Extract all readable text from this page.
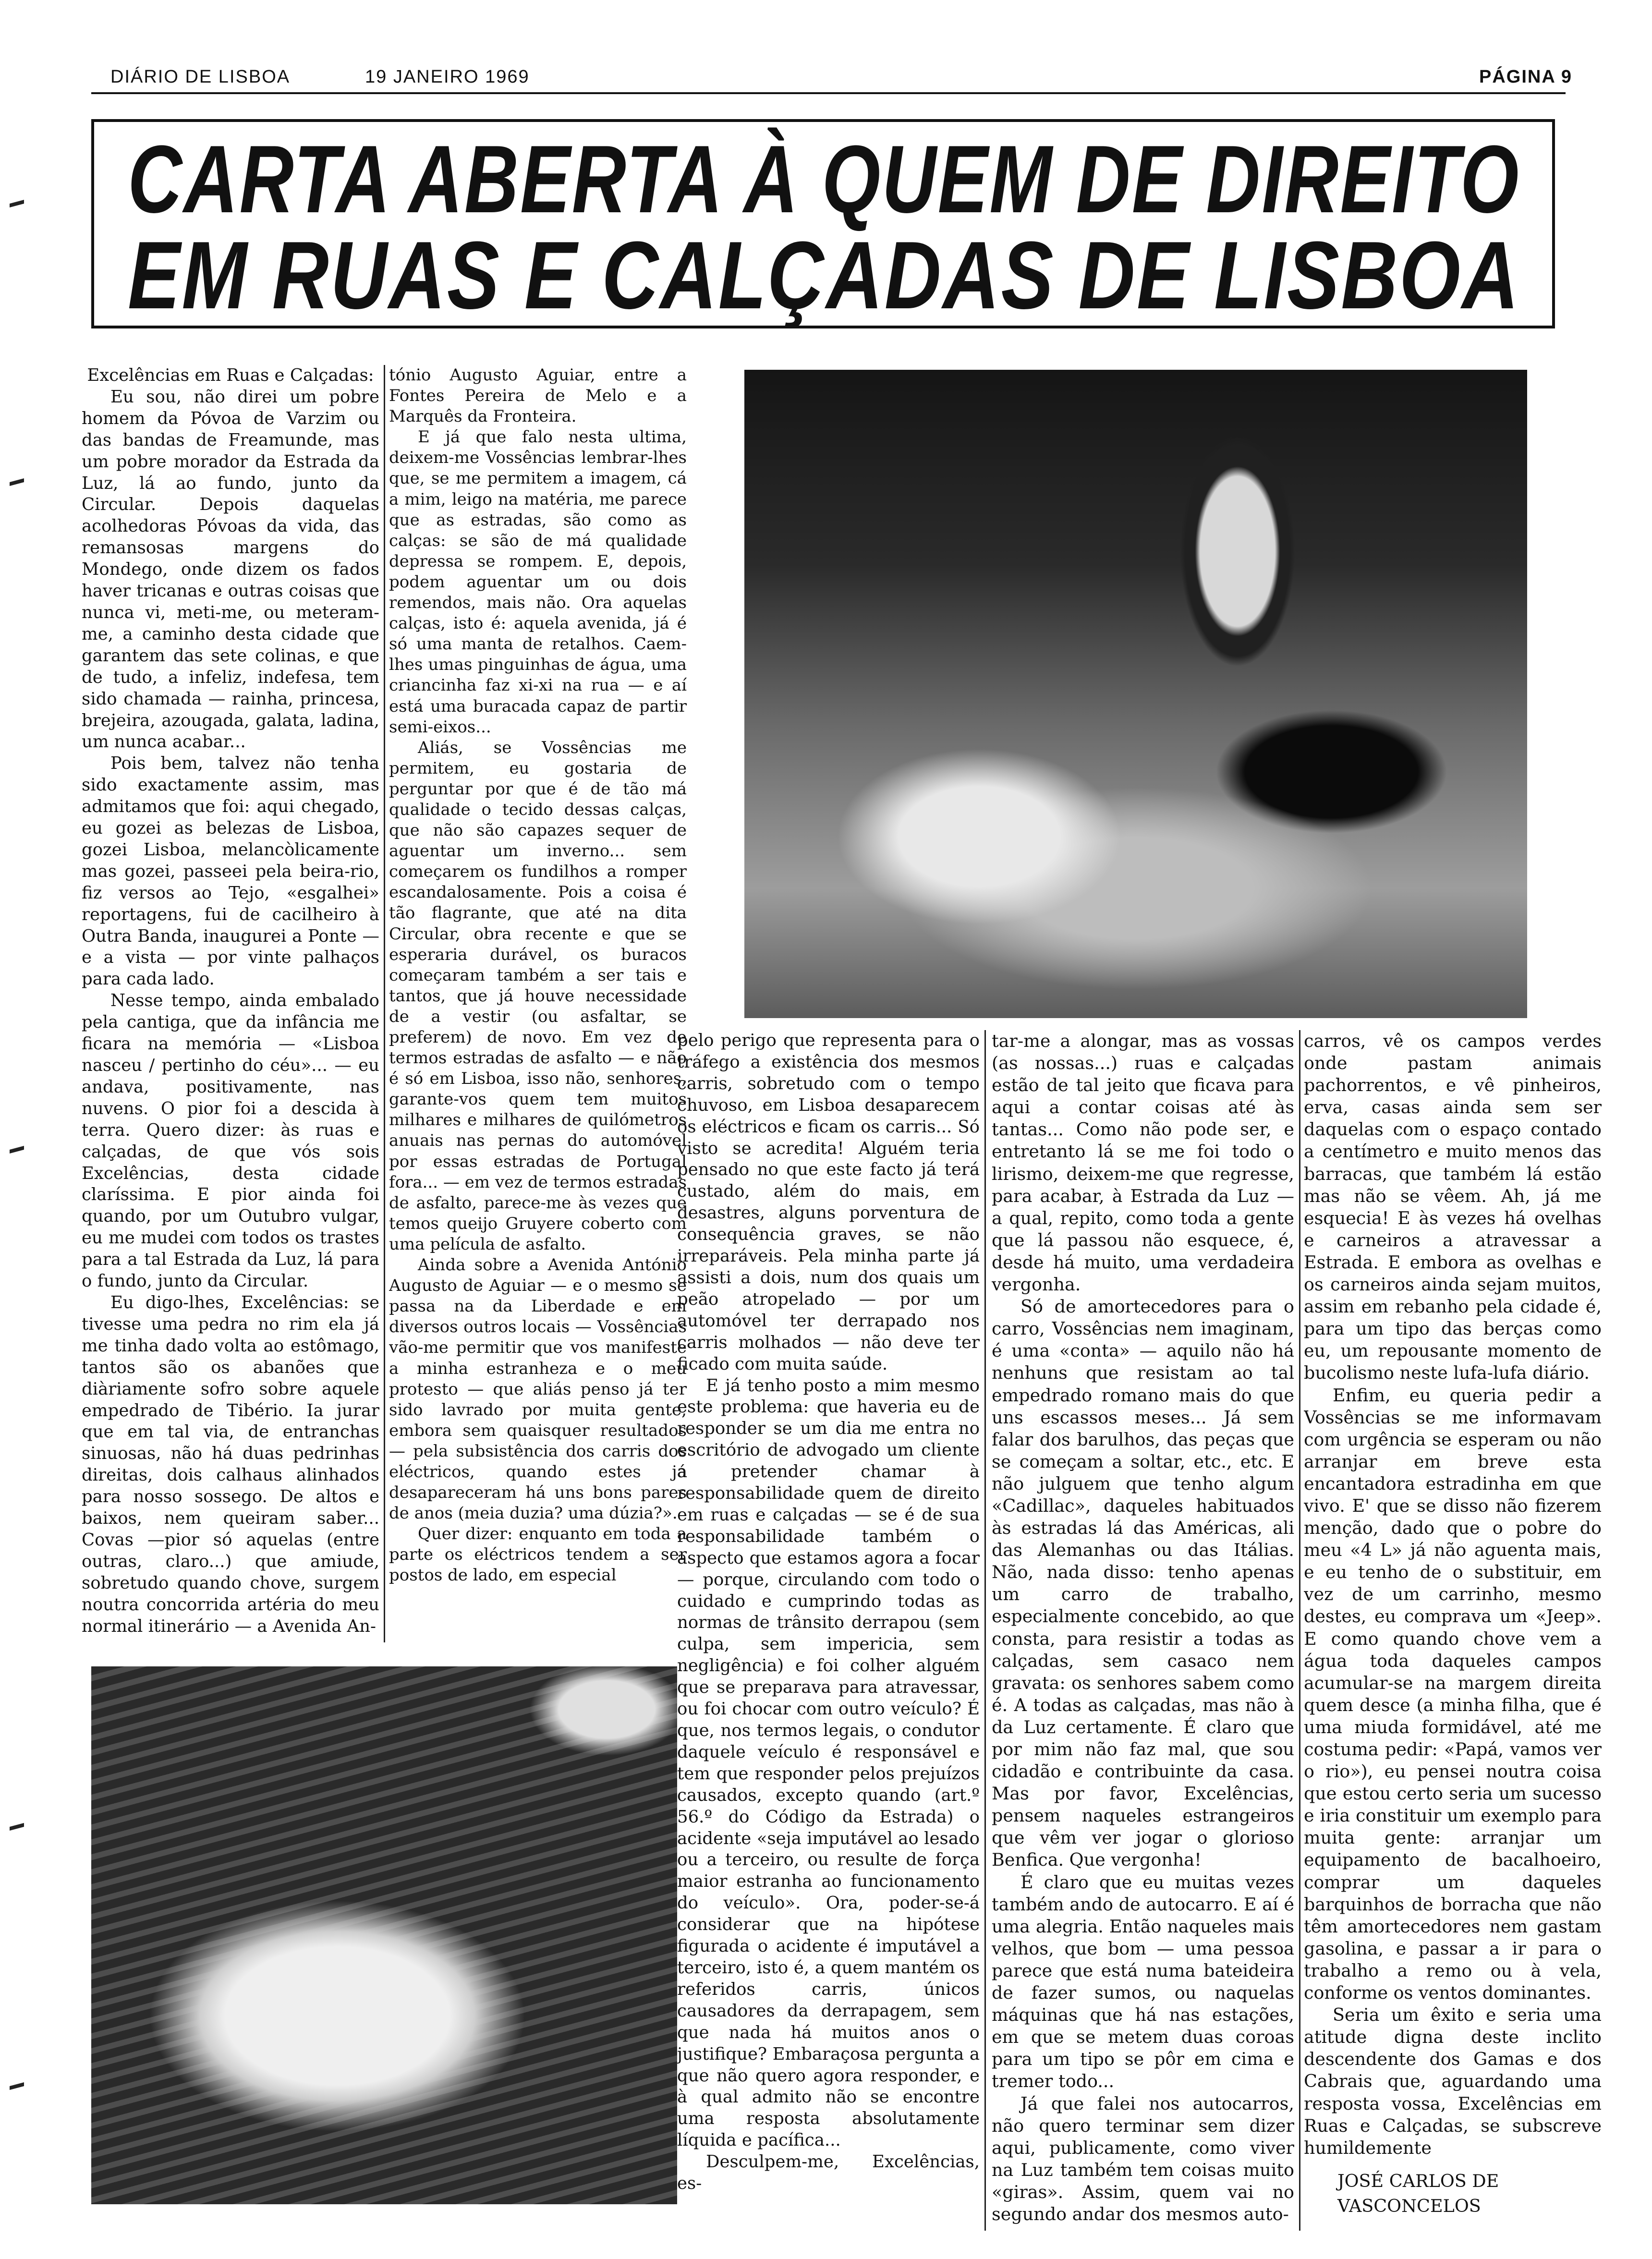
DIÁRIO DE LISBOA	19 JANEIRO 1969	PÁGINA 9
CARTA ABERTA À QUEM DE DIREITO
EM RUAS E CALÇADAS DE LISBOA

Excelências em Ruas e Calçadas:

Eu sou, não direi um pobre homem da Póvoa de Varzim ou das bandas de Freamunde, mas um pobre morador da Estrada da Luz, lá ao fundo, junto da Circular. Depois daquelas acolhedoras Póvoas da vida, das remansosas margens do Mondego, onde dizem os fados haver tricanas e outras coisas que nunca vi, meti-me, ou meteram-me, a caminho desta cidade que garantem das sete colinas, e que de tudo, a infeliz, indefesa, tem sido chamada — rainha, princesa, brejeira, azougada, galata, ladina, um nunca acabar...

Pois bem, talvez não tenha sido exactamente assim, mas admitamos que foi: aqui chegado, eu gozei as belezas de Lisboa, gozei Lisboa, melancòlicamente mas gozei, passeei pela beira-rio, fiz versos ao Tejo, «esgalhei» reportagens, fui de cacilheiro à Outra Banda, inaugurei a Ponte — e a vista — por vinte palhaços para cada lado.

Nesse tempo, ainda embalado pela cantiga, que da infância me ficara na memória — «Lisboa nasceu / pertinho do céu»... — eu andava, positivamente, nas nuvens. O pior foi a descida à terra. Quero dizer: às ruas e calçadas, de que vós sois Excelências, desta cidade claríssima. E pior ainda foi quando, por um Outubro vulgar, eu me mudei com todos os trastes para a tal Estrada da Luz, lá para o fundo, junto da Circular.

Eu digo-lhes, Excelências: se tivesse uma pedra no rim ela já me tinha dado volta ao estômago, tantos são os abanões que diàriamente sofro sobre aquele empedrado de Tibério. Ia jurar que em tal via, de entranchas sinuosas, não há duas pedrinhas direitas, dois calhaus alinhados para nosso sossego. De altos e baixos, nem queiram saber... Covas —pior só aquelas (entre outras, claro...) que amiude, sobretudo quando chove, surgem noutra concorrida artéria do meu normal itinerário — a Avenida An-

tónio Augusto Aguiar, entre a Fontes Pereira de Melo e a Marquês da Fronteira.

E já que falo nesta ultima, deixem-me Vossências lembrar-lhes que, se me permitem a imagem, cá a mim, leigo na matéria, me parece que as estradas, são como as calças: se são de má qualidade depressa se rompem. E, depois, podem aguentar um ou dois remendos, mais não. Ora aquelas calças, isto é: aquela avenida, já é só uma manta de retalhos. Caem-lhes umas pinguinhas de água, uma criancinha faz xi-xi na rua — e aí está uma buracada capaz de partir semi-eixos...

Aliás, se Vossências me permitem, eu gostaria de perguntar por que é de tão má qualidade o tecido dessas calças, que não são capazes sequer de aguentar um inverno... sem começarem os fundilhos a romper escandalosamente. Pois a coisa é tão flagrante, que até na dita Circular, obra recente e que se esperaria durável, os buracos começaram também a ser tais e tantos, que já houve necessidade de a vestir (ou asfaltar, se preferem) de novo. Em vez de termos estradas de asfalto — e não é só em Lisboa, isso não, senhores, garante-vos quem tem muitos milhares e milhares de quilómetros anuais nas pernas do automóvel por essas estradas de Portugal fora... — em vez de termos estradas de asfalto, parece-me às vezes que temos queijo Gruyere coberto com uma película de asfalto.

Ainda sobre a Avenida António Augusto de Aguiar — e o mesmo se passa na da Liberdade e em diversos outros locais — Vossências vão-me permitir que vos manifeste a minha estranheza e o meu protesto — que aliás penso já ter sido lavrado por muita gente, embora sem quaisquer resultados — pela subsistência dos carris dos eléctricos, quando estes já desapareceram há uns bons pares de anos (meia duzia? uma dúzia?».

Quer dizer: enquanto em toda a parte os eléctricos tendem a ser postos de lado, em especial

pelo perigo que representa para o tráfego a existência dos mesmos carris, sobretudo com o tempo chuvoso, em Lisboa desaparecem os eléctricos e ficam os carris... Só visto se acredita! Alguém teria pensado no que este facto já terá custado, além do mais, em desastres, alguns porventura de consequência graves, se não irreparáveis. Pela minha parte já assisti a dois, num dos quais um peão atropelado — por um automóvel ter derrapado nos carris molhados — não deve ter ficado com muita saúde.

E já tenho posto a mim mesmo este problema: que haveria eu de responder se um dia me entra no escritório de advogado um cliente a pretender chamar à responsabilidade quem de direito em ruas e calçadas — se é de sua responsabilidade também o aspecto que estamos agora a focar — porque, circulando com todo o cuidado e cumprindo todas as normas de trânsito derrapou (sem culpa, sem impericia, sem negligência) e foi colher alguém que se preparava para atravessar, ou foi chocar com outro veículo? É que, nos termos legais, o condutor daquele veículo é responsável e tem que responder pelos prejuízos causados, excepto quando (art.º 56.º do Código da Estrada) o acidente «seja imputável ao lesado ou a terceiro, ou resulte de força maior estranha ao funcionamento do veículo». Ora, poder-se-á considerar que na hipótese figurada o acidente é imputável a terceiro, isto é, a quem mantém os referidos carris, únicos causadores da derrapagem, sem que nada há muitos anos o justifique? Embaraçosa pergunta a que não quero agora responder, e à qual admito não se encontre uma resposta absolutamente líquida e pacífica...

Desculpem-me, Excelências, es-

tar-me a alongar, mas as vossas (as nossas...) ruas e calçadas estão de tal jeito que ficava para aqui a contar coisas até às tantas... Como não pode ser, e entretanto lá se me foi todo o lirismo, deixem-me que regresse, para acabar, à Estrada da Luz — a qual, repito, como toda a gente que lá passou não esquece, é, desde há muito, uma verdadeira vergonha.

Só de amortecedores para o carro, Vossências nem imaginam, é uma «conta» — aquilo não há nenhuns que resistam ao tal empedrado romano mais do que uns escassos meses... Já sem falar dos barulhos, das peças que se começam a soltar, etc., etc. E não julguem que tenho algum «Cadillac», daqueles habituados às estradas lá das Américas, ali das Alemanhas ou das Itálias. Não, nada disso: tenho apenas um carro de trabalho, especialmente concebido, ao que consta, para resistir a todas as calçadas, sem casaco nem gravata: os senhores sabem como é. A todas as calçadas, mas não à da Luz certamente. É claro que por mim não faz mal, que sou cidadão e contribuinte da casa. Mas por favor, Excelências, pensem naqueles estrangeiros que vêm ver jogar o glorioso Benfica. Que vergonha!

É claro que eu muitas vezes também ando de autocarro. E aí é uma alegria. Então naqueles mais velhos, que bom — uma pessoa parece que está numa bateideira de fazer sumos, ou naquelas máquinas que há nas estações, em que se metem duas coroas para um tipo se pôr em cima e tremer todo...

Já que falei nos autocarros, não quero terminar sem dizer aqui, publicamente, como viver na Luz também tem coisas muito «giras». Assim, quem vai no segundo andar dos mesmos auto-

carros, vê os campos verdes onde pastam animais pachorrentos, e vê pinheiros, erva, casas ainda sem ser daquelas com o espaço contado a centímetro e muito menos das barracas, que também lá estão mas não se vêem. Ah, já me esquecia! E às vezes há ovelhas e carneiros a atravessar a Estrada. E embora as ovelhas e os carneiros ainda sejam muitos, assim em rebanho pela cidade é, para um tipo das berças como eu, um repousante momento de bucolismo neste lufa-lufa diário.

Enfim, eu queria pedir a Vossências se me informavam com urgência se esperam ou não arranjar em breve esta encantadora estradinha em que vivo. E' que se disso não fizerem menção, dado que o pobre do meu «4 L» já não aguenta mais, e eu tenho de o substituir, em vez de um carrinho, mesmo destes, eu comprava um «Jeep». E como quando chove vem a água toda daqueles campos acumular-se na margem direita quem desce (a minha filha, que é uma miuda formidável, até me costuma pedir: «Papá, vamos ver o rio»), eu pensei noutra coisa que estou certo seria um sucesso e iria constituir um exemplo para muita gente: arranjar um equipamento de bacalhoeiro, comprar um daqueles barquinhos de borracha que não têm amortecedores nem gastam gasolina, e passar a ir para o trabalho a remo ou à vela, conforme os ventos dominantes.

Seria um êxito e seria uma atitude digna deste inclito descendente dos Gamas e dos Cabrais que, aguardando uma resposta vossa, Excelências em Ruas e Calçadas, se subscreve humildemente

JOSÉ CARLOS DE VASCONCELOS
